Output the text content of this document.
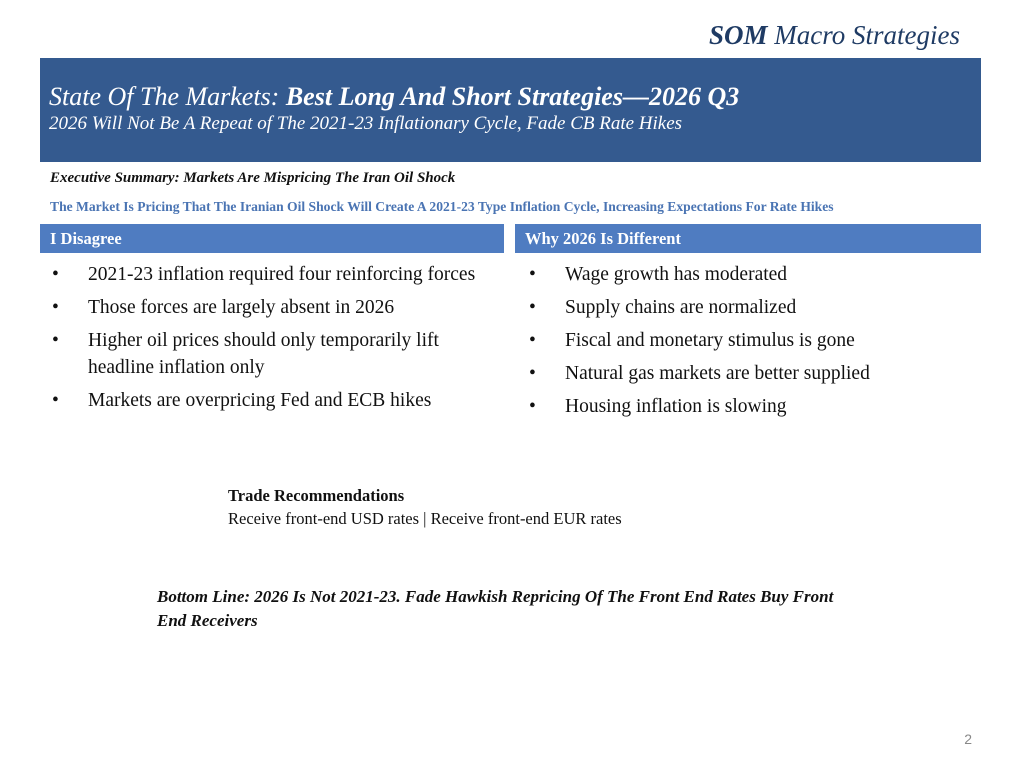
SOM Macro Strategies
State Of The Markets: Best Long And Short Strategies—2026 Q3
2026 Will Not Be A Repeat of The 2021-23 Inflationary Cycle, Fade CB Rate Hikes
Executive Summary: Markets Are Mispricing The Iran Oil Shock
The Market Is Pricing That The Iranian Oil Shock Will Create A 2021-23 Type Inflation Cycle, Increasing Expectations For Rate Hikes
I Disagree	Why 2026 Is Different
• 2021-23 inflation required four reinforcing forces
• Those forces are largely absent in 2026
• Higher oil prices should only temporarily lift headline inflation only
• Markets are overpricing Fed and ECB hikes
• Wage growth has moderated
• Supply chains are normalized
• Fiscal and monetary stimulus is gone
• Natural gas markets are better supplied
• Housing inflation is slowing
Trade Recommendations
Receive front-end USD rates | Receive front-end EUR rates
Bottom Line: 2026 Is Not 2021-23. Fade Hawkish Repricing Of The Front End Rates Buy Front End Receivers
2
